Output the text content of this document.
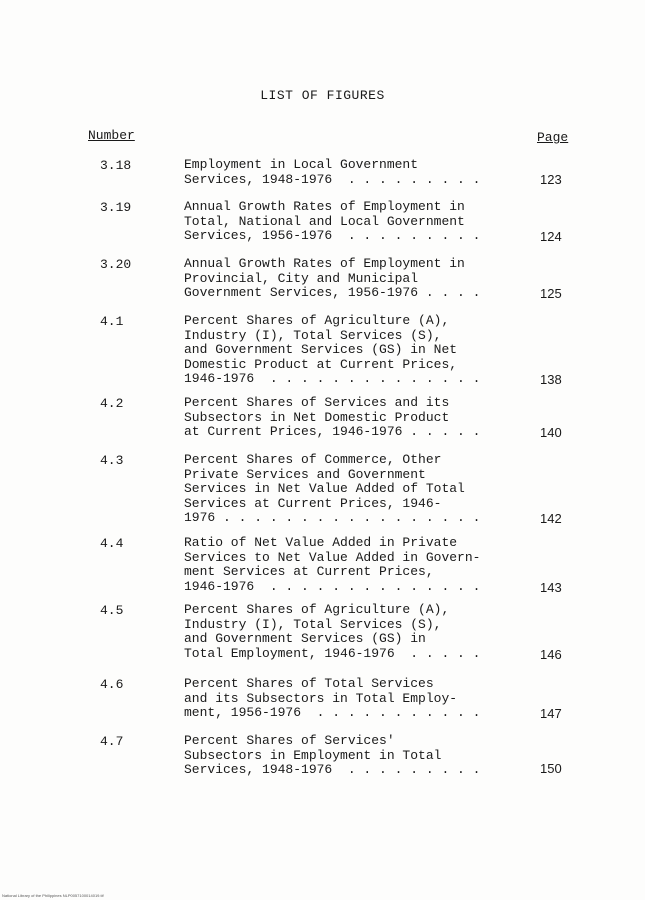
LIST OF FIGURES
Number	Page
3.18	Employment in Local Government
Services, 1948-1976  . . . . . . . . .	123
3.19	Annual Growth Rates of Employment in
Total, National and Local Government
Services, 1956-1976  . . . . . . . . .	124
3.20	Annual Growth Rates of Employment in
Provincial, City and Municipal
Government Services, 1956-1976 . . . .	125
4.1	Percent Shares of Agriculture (A),
Industry (I), Total Services (S),
and Government Services (GS) in Net
Domestic Product at Current Prices,
1946-1976  . . . . . . . . . . . . . .	138
4.2	Percent Shares of Services and its
Subsectors in Net Domestic Product
at Current Prices, 1946-1976 . . . . .	140
4.3	Percent Shares of Commerce, Other
Private Services and Government
Services in Net Value Added of Total
Services at Current Prices, 1946-
1976 . . . . . . . . . . . . . . . . .	142
4.4	Ratio of Net Value Added in Private
Services to Net Value Added in Govern-
ment Services at Current Prices,
1946-1976  . . . . . . . . . . . . . .	143
4.5	Percent Shares of Agriculture (A),
Industry (I), Total Services (S),
and Government Services (GS) in
Total Employment, 1946-1976  . . . . .	146
4.6	Percent Shares of Total Services
and its Subsectors in Total Employ-
ment, 1956-1976  . . . . . . . . . . .	147
4.7	Percent Shares of Services'
Subsectors in Employment in Total
Services, 1948-1976  . . . . . . . . .	150
National Library of the Philippines NLP0057100014019.tif
